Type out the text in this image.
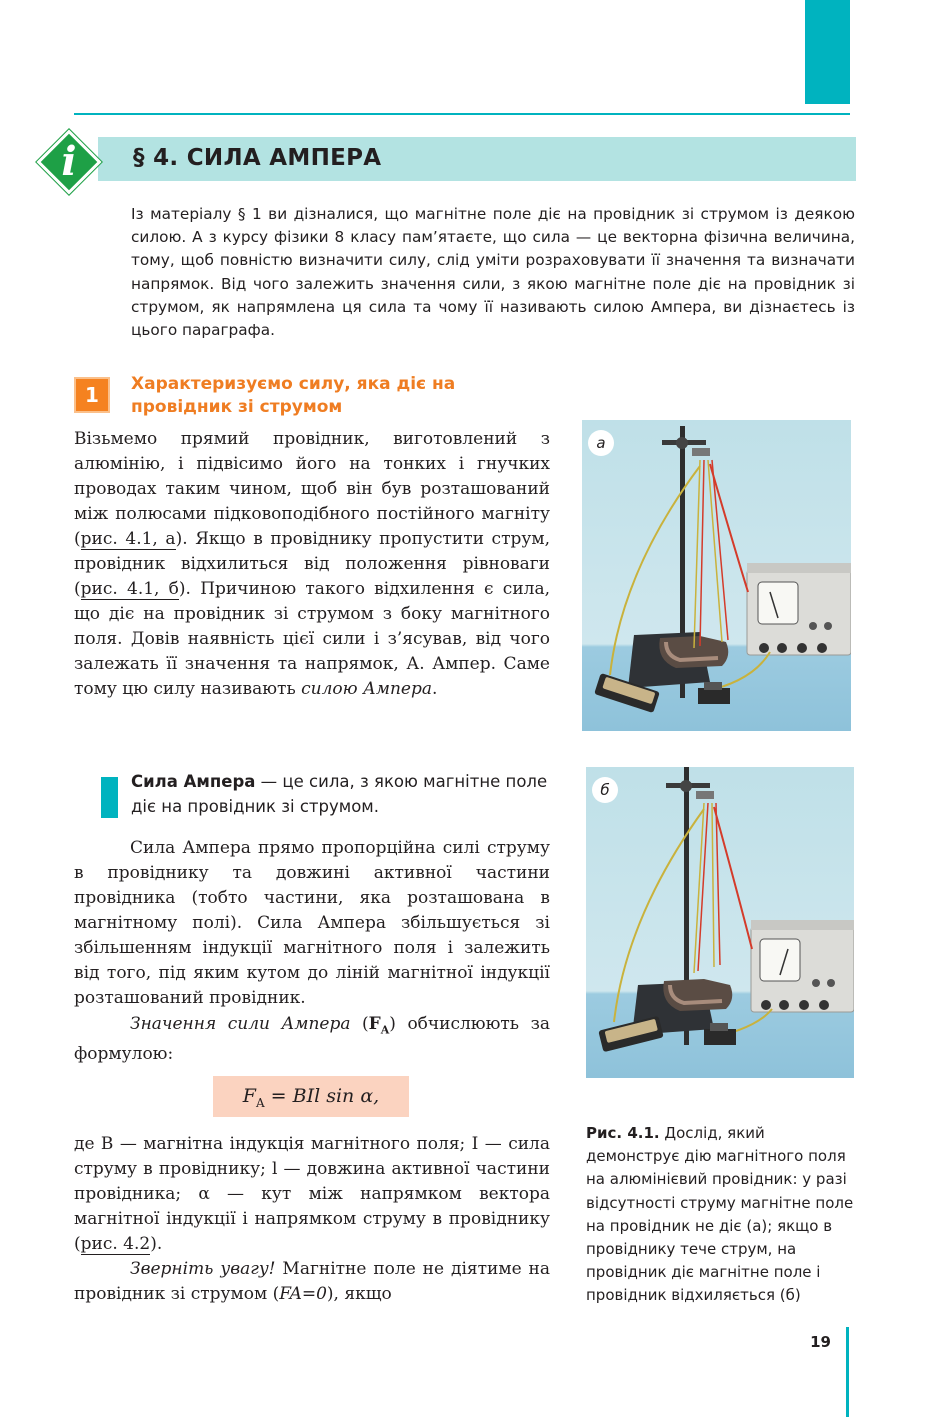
i	§ 4. СИЛА АМПЕРА

Із матеріалу § 1 ви дізналися, що магнітне поле діє на провідник зі струмом із деякою силою. А з курсу фізики 8 класу пам’ятаєте, що сила — це векторна фізична величина, тому, щоб повністю визначити силу, слід уміти розраховувати її значення та визначати напрямок. Від чого залежить значення сили, з якою магнітне поле діє на провідник зі струмом, як напрямлена ця сила та чому її називають силою Ампера, ви дізнаєтесь із цього параграфа.

1	Характеризуємо силу, яка діє на провідник зі струмом

Візьмемо прямий провідник, виготовлений з алюмінію, і підвісимо його на тонких і гнучких проводах таким чином, щоб він був розташований між полюсами підковоподібного постійного магніту (рис. 4.1, а). Якщо в провіднику пропустити струм, провідник відхилиться від положення рівноваги (рис. 4.1, б). Причиною такого відхилення є сила, що діє на провідник зі струмом з боку магнітного поля. Довів наявність цієї сили і з’ясував, від чого залежать її значення та напрямок, А. Ампер. Саме тому цю силу називають силою Ампера.

Сила Ампера — це сила, з якою магнітне поле діє на провідник зі струмом.

Сила Ампера прямо пропорційна силі струму в провіднику та довжині активної частини провідника (тобто частини, яка розташована в магнітному полі). Сила Ампера збільшується зі збільшенням індукції магнітного поля і залежить від того, під яким кутом до ліній магнітної індукції розташований провідник.

Значення сили Ампера $(F_A)$ обчислюють за формулою:

$F_A$ = BIl sin α,

де B — магнітна індукція магнітного поля; I — сила струму в провіднику; l — довжина активної частини провідника; α — кут між напрямком вектора магнітної індукції і напрямком струму в провіднику (рис. 4.2).

Зверніть увагу! Магнітне поле не діятиме на провідник зі струмом (FA=0), якщо

а
б

Рис. 4.1. Дослід, який демонструє дію магнітного поля на алюмінієвий провідник: у разі відсутності струму магнітне поле на провідник не діє (а); якщо в провіднику тече струм, на провідник діє магнітне поле і провідник відхиляється (б)

19
